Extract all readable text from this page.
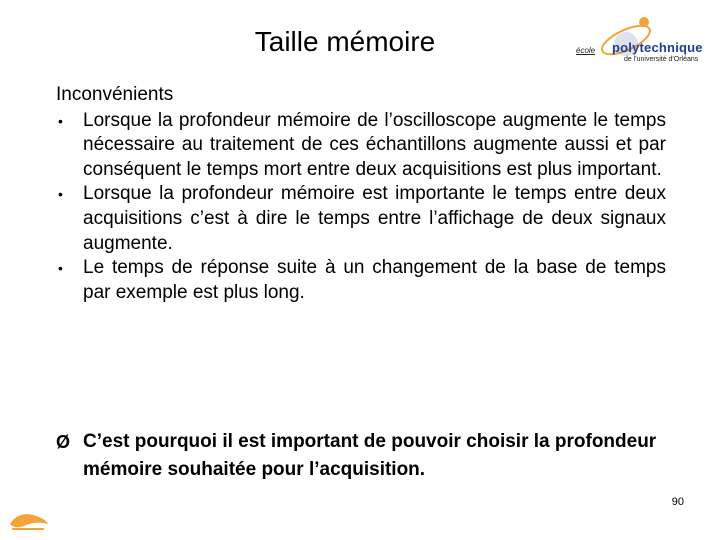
Taille mémoire	école polytechnique
de l'université d'Orléans
Inconvénients
• Lorsque la profondeur mémoire de l’oscilloscope augmente le temps nécessaire au traitement de ces échantillons augmente aussi et par conséquent le temps mort entre deux acquisitions est plus important.
• Lorsque la profondeur mémoire est importante le temps entre deux acquisitions c’est à dire le temps entre l’affichage de deux signaux augmente.
• Le temps de réponse suite à un changement de la base de temps par exemple est plus long.
Ø C’est pourquoi il est important de pouvoir choisir la profondeur mémoire souhaitée pour l’acquisition.
90
